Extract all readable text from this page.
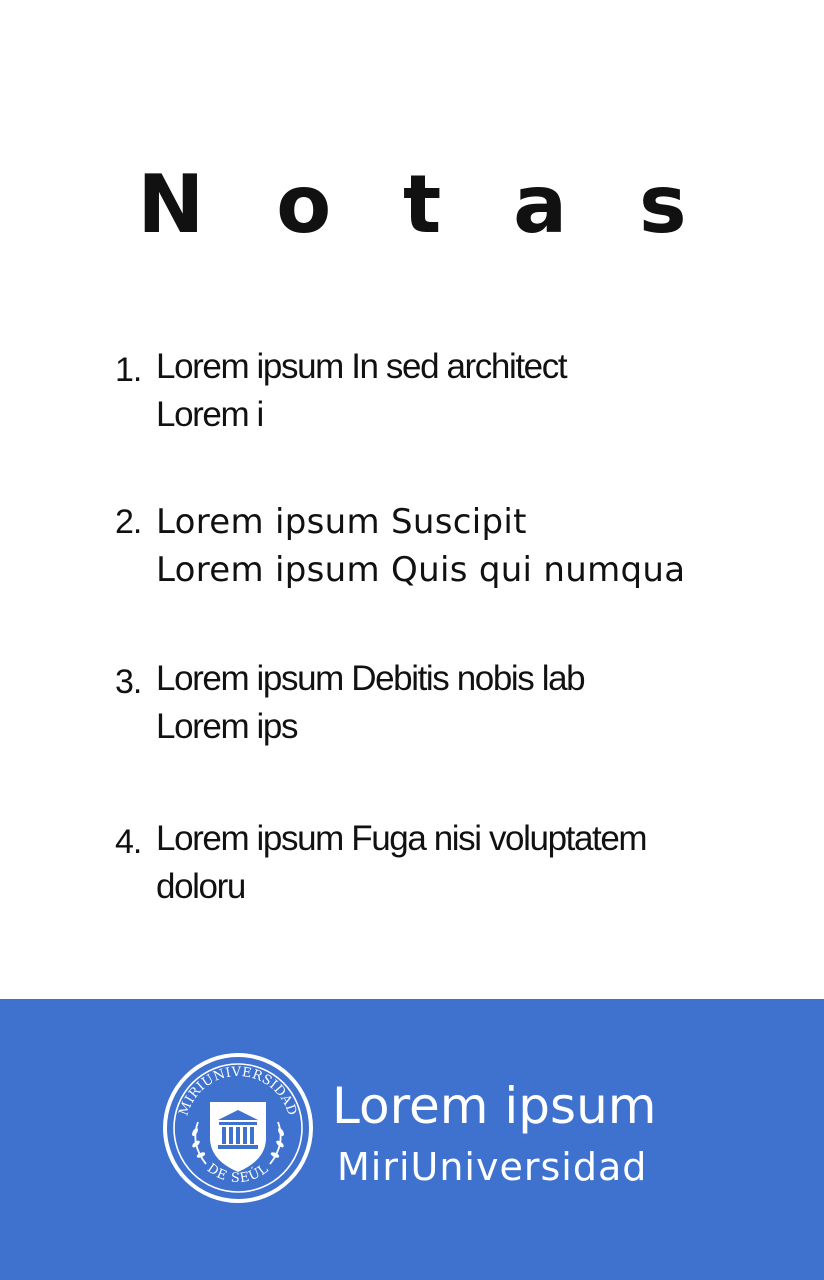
N o t a s
1. Lorem ipsum In sed architect
Lorem i
2. Lorem ipsum Suscipit
Lorem ipsum Quis qui numqua
3. Lorem ipsum Debitis nobis lab
Lorem ips
4. Lorem ipsum Fuga nisi voluptatem
doloru
MIRIUNIVERSIDAD
DE SEÚL
Lorem ipsum
MiriUniversidad
